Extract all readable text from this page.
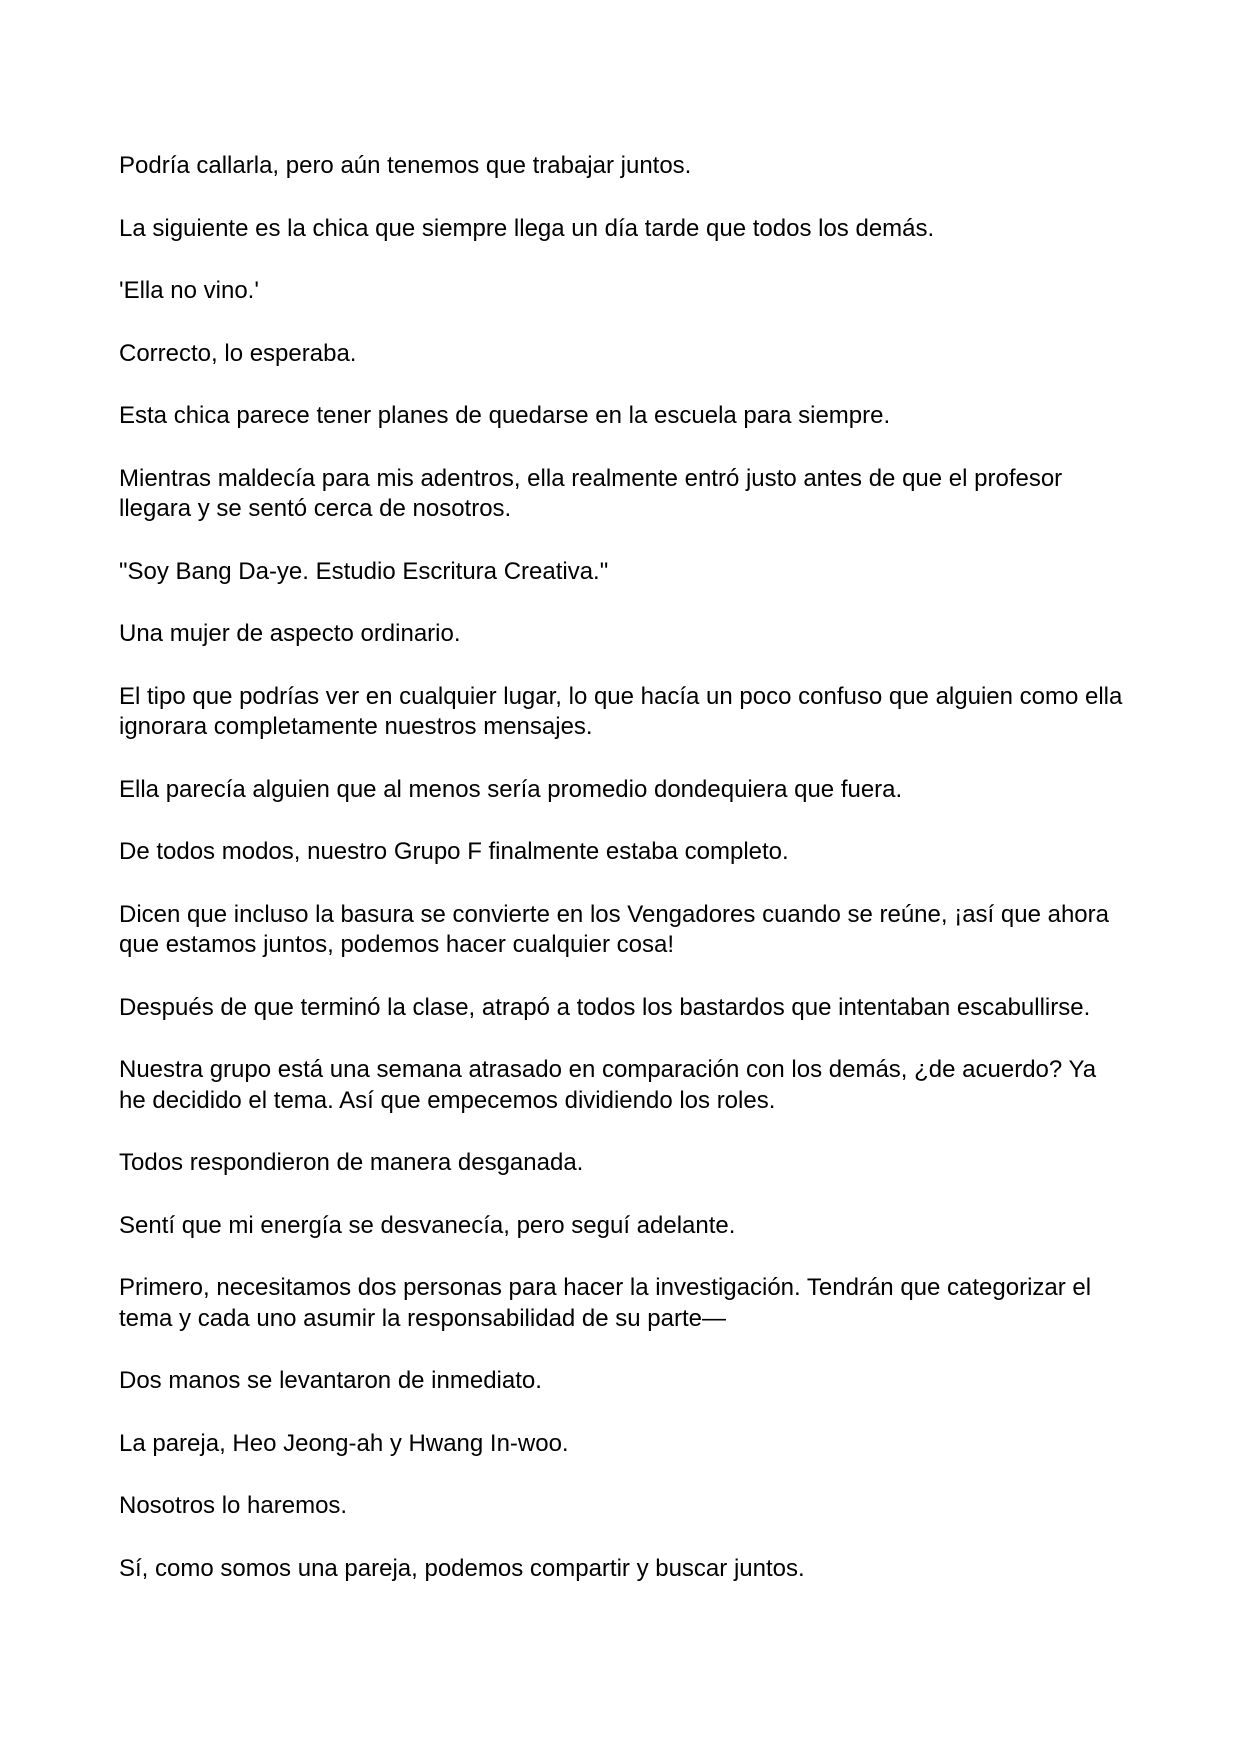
Podría callarla, pero aún tenemos que trabajar juntos.

La siguiente es la chica que siempre llega un día tarde que todos los demás.

'Ella no vino.'

Correcto, lo esperaba.

Esta chica parece tener planes de quedarse en la escuela para siempre.

Mientras maldecía para mis adentros, ella realmente entró justo antes de que el profesor llegara y se sentó cerca de nosotros.

"Soy Bang Da-ye. Estudio Escritura Creativa."

Una mujer de aspecto ordinario.

El tipo que podrías ver en cualquier lugar, lo que hacía un poco confuso que alguien como ella ignorara completamente nuestros mensajes.

Ella parecía alguien que al menos sería promedio dondequiera que fuera.

De todos modos, nuestro Grupo F finalmente estaba completo.

Dicen que incluso la basura se convierte en los Vengadores cuando se reúne, ¡así que ahora que estamos juntos, podemos hacer cualquier cosa!

Después de que terminó la clase, atrapó a todos los bastardos que intentaban escabullirse.

Nuestra grupo está una semana atrasado en comparación con los demás, ¿de acuerdo? Ya he decidido el tema. Así que empecemos dividiendo los roles.

Todos respondieron de manera desganada.

Sentí que mi energía se desvanecía, pero seguí adelante.

Primero, necesitamos dos personas para hacer la investigación. Tendrán que categorizar el tema y cada uno asumir la responsabilidad de su parte—

Dos manos se levantaron de inmediato.

La pareja, Heo Jeong-ah y Hwang In-woo.

Nosotros lo haremos.

Sí, como somos una pareja, podemos compartir y buscar juntos.
